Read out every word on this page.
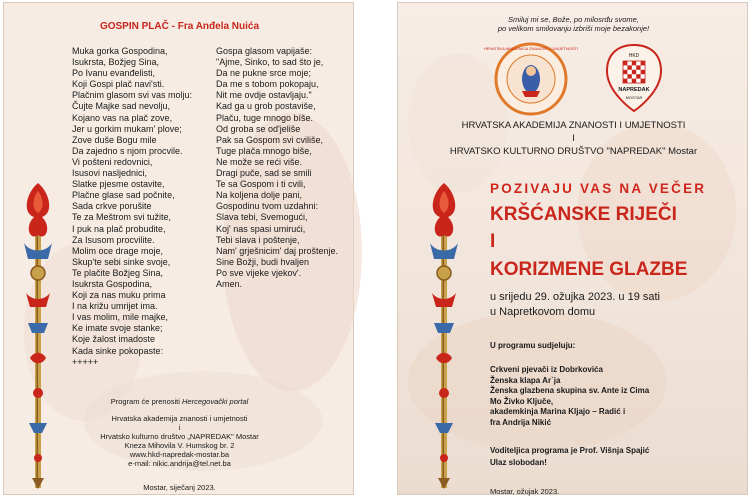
GOSPIN PLAČ - Fra Anđela Nuića
Muka gorka Gospodina,
Isukrsta, Božjeg Sina,
Po Ivanu evanđelisti,
Koji Gospi plač navi'sti.
Plačnim glasom svi vas molju:
Čujte Majke sad nevolju,
Kojano vas na plač zove,
Jer u gorkim mukam' plove;
Zove duše Bogu mile
Da zajedno s njom procvile.
Vi pošteni redovnici,
Isusovi nasljednici,
Slatke pjesme ostavite,
Plačne glase sad počnite,
Sada crkve porušite
Te za Meštrom svi tužite,
I puk na plač probudite,
Za Isusom procvilite.
Molim oce drage moje,
Skup'te sebi sinke svoje,
Te plačite Božjeg Sina,
Isukrsta Gospodina,
Koji za nas muku prima
I na križu umrijet ima.
I vas molim, mile majke,
Ke imate svoje stanke;
Koje žalost imadoste
Kada sinke pokopaste:
+++++
Gospa glasom vapijaše:
"Ajme, Sinko, to sad što je,
Da ne pukne srce moje;
Da me s tobom pokopaju,
Nit me ovdje ostavljaju."
Kad ga u grob postaviše,
Plaču, tuge mnogo bíše.
Od groba se od'jeliše
Pak sa Gospom svi cviliše,
Tuge plača mnogo biše,
Ne može se reći više.
Dragi puče, sad se smili
Te sa Gospom i ti cvili,
Na koljena dolje pani,
Gospodinu tvom uzdahni:
Slava tebi, Svemogući,
Koj' nas spasi umirući,
Tebi slava i poštenje,
Nam' grješnicim' daj proštenje.
Sine Božji, budi hvaljen
Po sve vijeke vjekov'.
Amen.
Program će prenositi Hercegovački portal
Hrvatska akademija znanosti i umjetnosti
i
Hrvatsko kulturno društvo „NAPREDAK" Mostar
Kneza Mihovila V. Humskog br. 2
www.hkd-napredak-mostar.ba
e-mail: nikic.andrija@tel.net.ba
Mostar, siječanj 2023.
Smiluj mi se, Bože, po milosrđu svome,
po velikom smilovanju izbriši moje bezakonje!
HRVATSKA AKADEMIJA ZNANOSTI I UMJETNOSTI
HKD
NAPREDAK
MOSTAR
HRVATSKA AKADEMIJA ZNANOSTI I UMJETNOSTI
I
HRVATSKO KULTURNO DRUŠTVO "NAPREDAK" Mostar
POZIVAJU VAS NA VEČER
KRŠĆANSKE RIJEČI
I
KORIZMENE GLAZBE
u srijedu 29. ožujka 2023. u 19 sati
u Napretkovom domu
U programu sudjeluju:
Crkveni pjevači iz Dobrkovića
Ženska klapa Ar`ja
Ženska glazbena skupina sv. Ante iz Cima
Mo Živko Ključe,
akademkinja Marina Kljajo – Radić i
fra Andrija Nikić
Voditeljica programa je Prof. Višnja Spajić
Ulaz slobodan!
Mostar, ožujak 2023.
